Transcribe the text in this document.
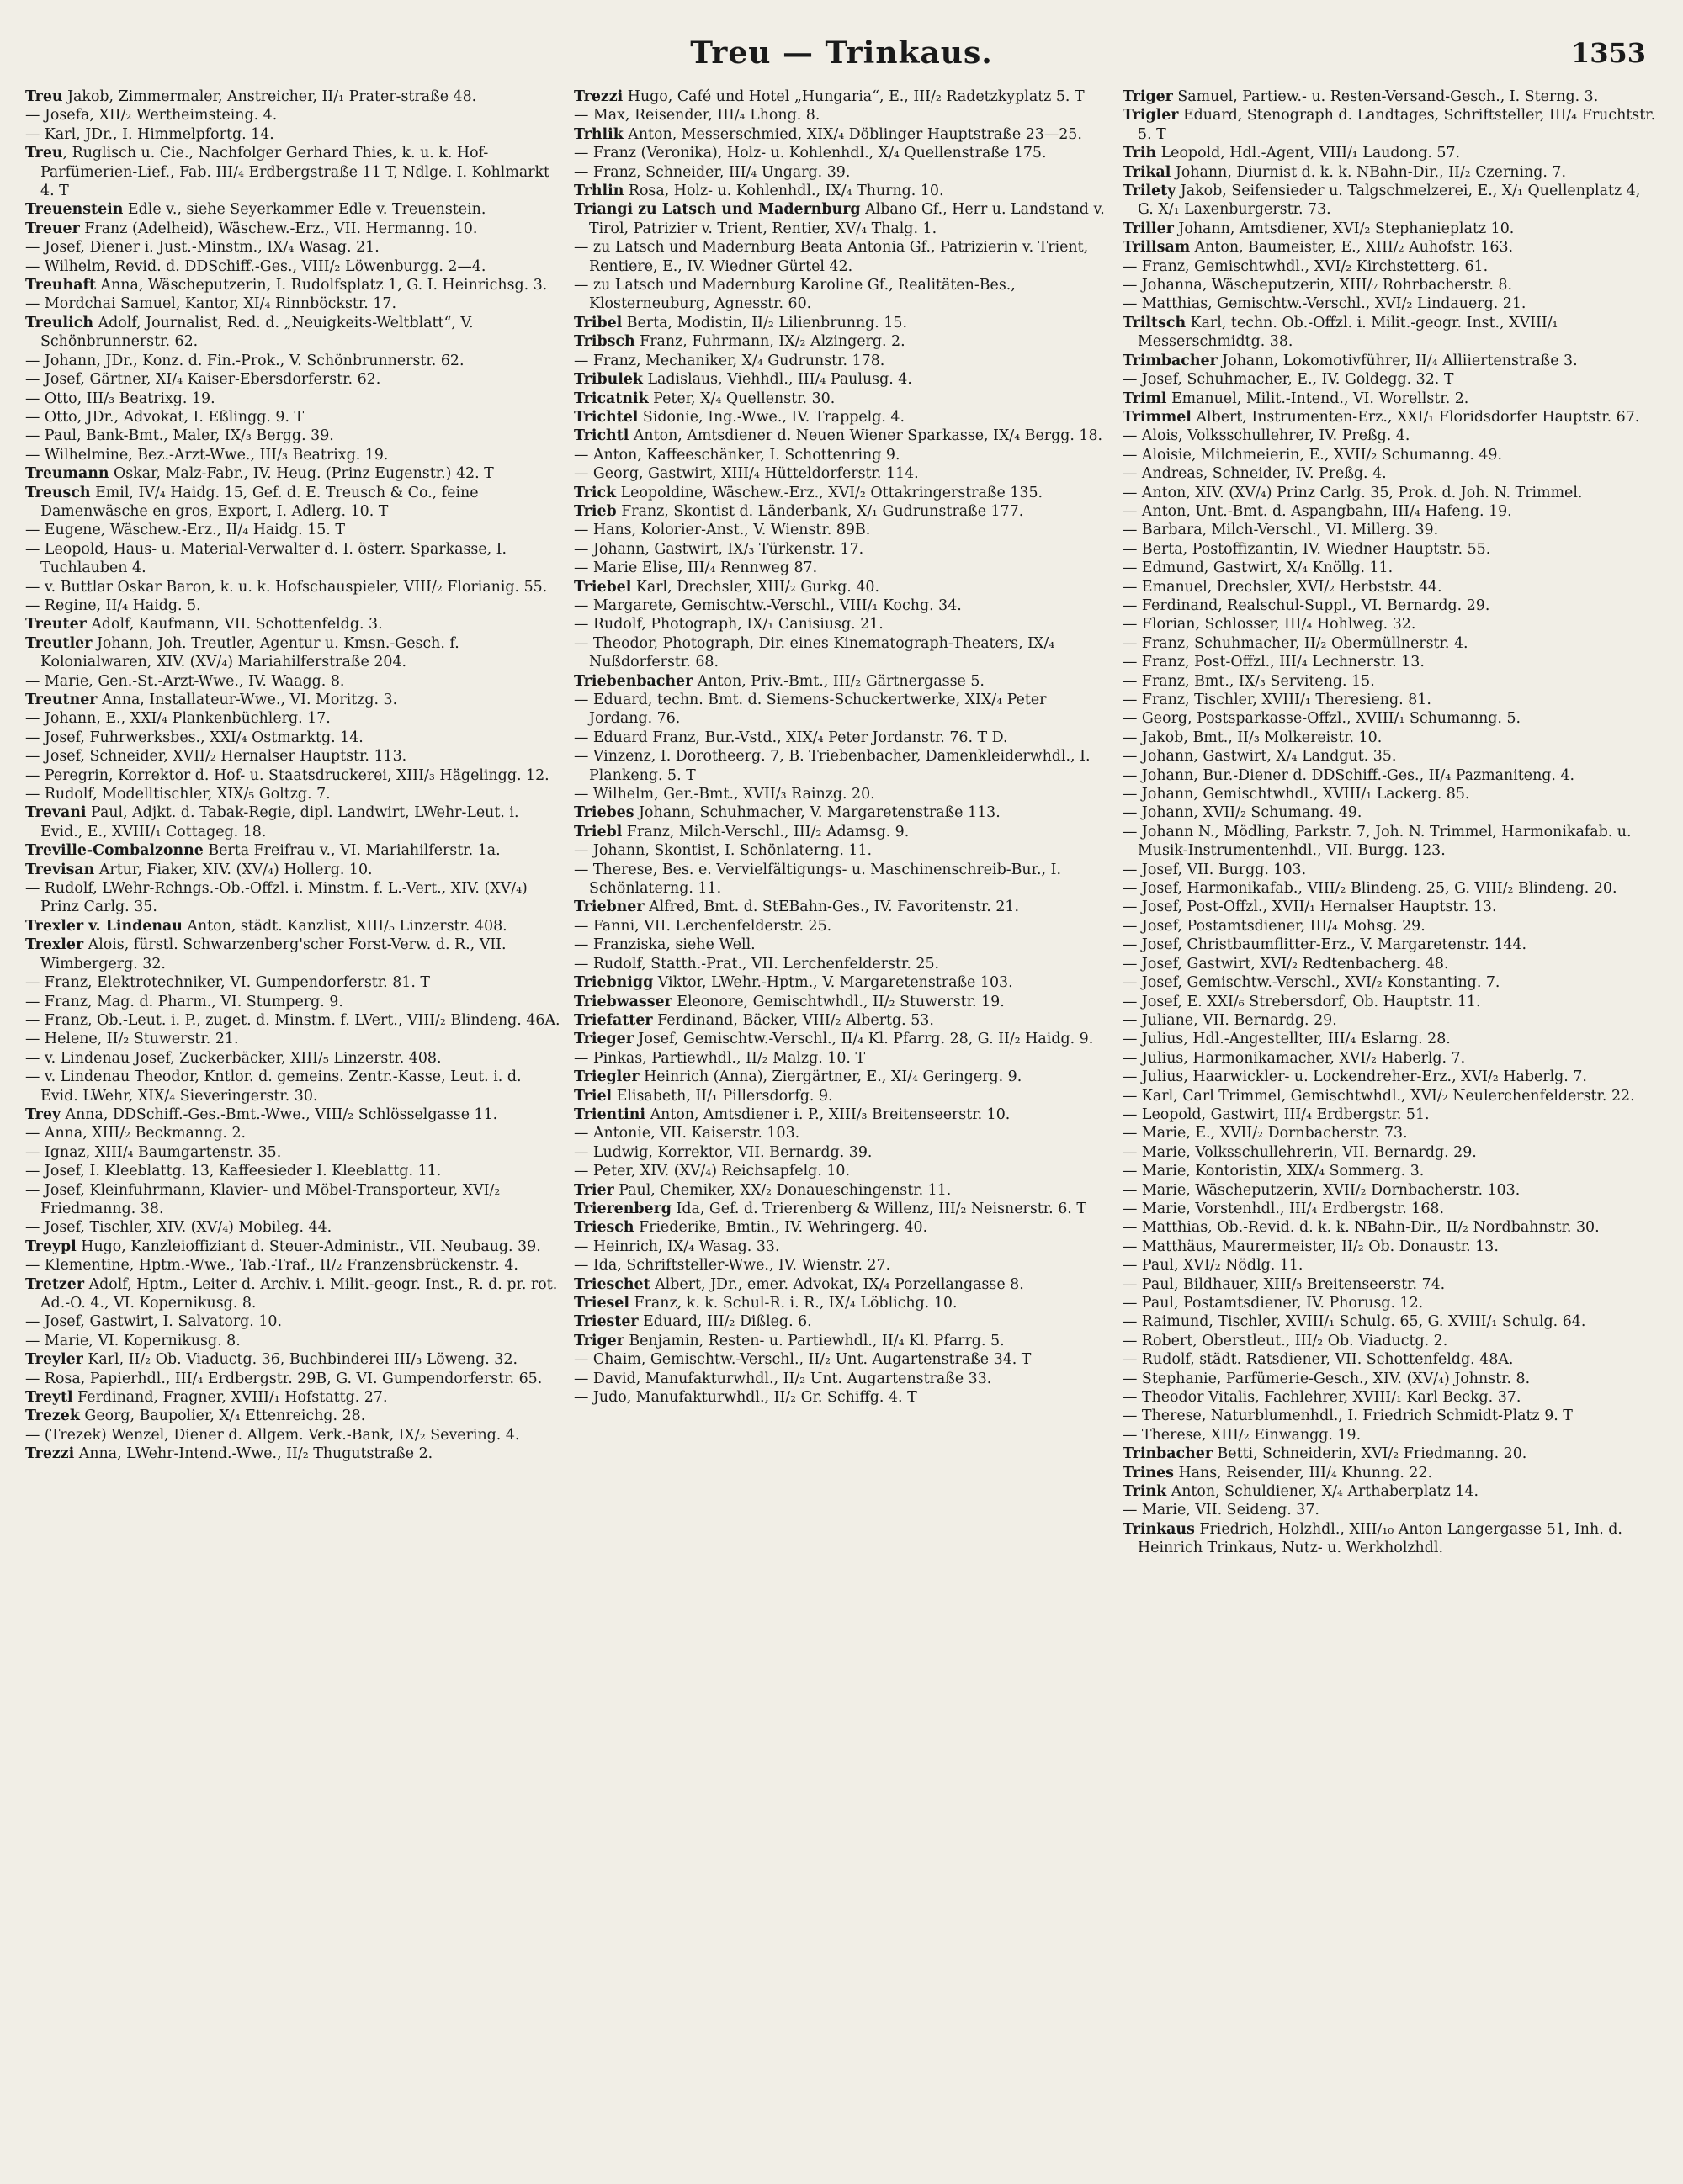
Treu — Trinkaus.	1353

Treu Jakob, Zimmermaler, Anstreicher, II/₁ Prater-straße 48.

— Josefa, XII/₂ Wertheimsteing. 4.

— Karl, JDr., I. Himmelpfortg. 14.

Treu, Ruglisch u. Cie., Nachfolger Gerhard Thies, k. u. k. Hof-Parfümerien-Lief., Fab. III/₄ Erdbergstraße 11 T, Ndlge. I. Kohlmarkt 4. T

Treuenstein Edle v., siehe Seyerkammer Edle v. Treuenstein.

Treuer Franz (Adelheid), Wäschew.-Erz., VII. Hermanng. 10.

— Josef, Diener i. Just.-Minstm., IX/₄ Wasag. 21.

— Wilhelm, Revid. d. DDSchiff.-Ges., VIII/₂ Löwenburgg. 2—4.

Treuhaft Anna, Wäscheputzerin, I. Rudolfsplatz 1, G. I. Heinrichsg. 3.

— Mordchai Samuel, Kantor, XI/₄ Rinnböckstr. 17.

Treulich Adolf, Journalist, Red. d. „Neuigkeits-Weltblatt“, V. Schönbrunnerstr. 62.

— Johann, JDr., Konz. d. Fin.-Prok., V. Schönbrunnerstr. 62.

— Josef, Gärtner, XI/₄ Kaiser-Ebersdorferstr. 62.

— Otto, III/₃ Beatrixg. 19.

— Otto, JDr., Advokat, I. Eßlingg. 9. T

— Paul, Bank-Bmt., Maler, IX/₃ Bergg. 39.

— Wilhelmine, Bez.-Arzt-Wwe., III/₃ Beatrixg. 19.

Treumann Oskar, Malz-Fabr., IV. Heug. (Prinz Eugenstr.) 42. T

Treusch Emil, IV/₄ Haidg. 15, Gef. d. E. Treusch & Co., feine Damenwäsche en gros, Export, I. Adlerg. 10. T

— Eugene, Wäschew.-Erz., II/₄ Haidg. 15. T

— Leopold, Haus- u. Material-Verwalter d. I. österr. Sparkasse, I. Tuchlauben 4.

— v. Buttlar Oskar Baron, k. u. k. Hofschauspieler, VIII/₂ Florianig. 55.

— Regine, II/₄ Haidg. 5.

Treuter Adolf, Kaufmann, VII. Schottenfeldg. 3.

Treutler Johann, Joh. Treutler, Agentur u. Kmsn.-Gesch. f. Kolonialwaren, XIV. (XV/₄) Mariahilferstraße 204.

— Marie, Gen.-St.-Arzt-Wwe., IV. Waagg. 8.

Treutner Anna, Installateur-Wwe., VI. Moritzg. 3.

— Johann, E., XXI/₄ Plankenbüchlerg. 17.

— Josef, Fuhrwerksbes., XXI/₄ Ostmarktg. 14.

— Josef, Schneider, XVII/₂ Hernalser Hauptstr. 113.

— Peregrin, Korrektor d. Hof- u. Staatsdruckerei, XIII/₃ Hägelingg. 12.

— Rudolf, Modelltischler, XIX/₅ Goltzg. 7.

Trevani Paul, Adjkt. d. Tabak-Regie, dipl. Landwirt, LWehr-Leut. i. Evid., E., XVIII/₁ Cottageg. 18.

Treville-Combalzonne Berta Freifrau v., VI. Mariahilferstr. 1a.

Trevisan Artur, Fiaker, XIV. (XV/₄) Hollerg. 10.

— Rudolf, LWehr-Rchngs.-Ob.-Offzl. i. Minstm. f. L.-Vert., XIV. (XV/₄) Prinz Carlg. 35.

Trexler v. Lindenau Anton, städt. Kanzlist, XIII/₅ Linzerstr. 408.

Trexler Alois, fürstl. Schwarzenberg'scher Forst-Verw. d. R., VII. Wimbergerg. 32.

— Franz, Elektrotechniker, VI. Gumpendorferstr. 81. T

— Franz, Mag. d. Pharm., VI. Stumperg. 9.

— Franz, Ob.-Leut. i. P., zuget. d. Minstm. f. LVert., VIII/₂ Blindeng. 46A.

— Helene, II/₂ Stuwerstr. 21.

— v. Lindenau Josef, Zuckerbäcker, XIII/₅ Linzerstr. 408.

— v. Lindenau Theodor, Kntlor. d. gemeins. Zentr.-Kasse, Leut. i. d. Evid. LWehr, XIX/₄ Sieveringerstr. 30.

Trey Anna, DDSchiff.-Ges.-Bmt.-Wwe., VIII/₂ Schlösselgasse 11.

— Anna, XIII/₂ Beckmanng. 2.

— Ignaz, XIII/₄ Baumgartenstr. 35.

— Josef, I. Kleeblattg. 13, Kaffeesieder I. Kleeblattg. 11.

— Josef, Kleinfuhrmann, Klavier- und Möbel-Transporteur, XVI/₂ Friedmanng. 38.

— Josef, Tischler, XIV. (XV/₄) Mobileg. 44.

Treypl Hugo, Kanzleioffiziant d. Steuer-Administr., VII. Neubaug. 39.

— Klementine, Hptm.-Wwe., Tab.-Traf., II/₂ Franzensbrückenstr. 4.

Tretzer Adolf, Hptm., Leiter d. Archiv. i. Milit.-geogr. Inst., R. d. pr. rot. Ad.-O. 4., VI. Kopernikusg. 8.

— Josef, Gastwirt, I. Salvatorg. 10.

— Marie, VI. Kopernikusg. 8.

Treyler Karl, II/₂ Ob. Viaductg. 36, Buchbinderei III/₃ Löweng. 32.

— Rosa, Papierhdl., III/₄ Erdbergstr. 29B, G. VI. Gumpendorferstr. 65.

Treytl Ferdinand, Fragner, XVIII/₁ Hofstattg. 27.

Trezek Georg, Baupolier, X/₄ Ettenreichg. 28.

— (Trezek) Wenzel, Diener d. Allgem. Verk.-Bank, IX/₂ Severing. 4.

Trezzi Anna, LWehr-Intend.-Wwe., II/₂ Thugutstraße 2.

Trezzi Hugo, Café und Hotel „Hungaria“, E., III/₂ Radetzkyplatz 5. T

— Max, Reisender, III/₄ Lhong. 8.

Trhlik Anton, Messerschmied, XIX/₄ Döblinger Hauptstraße 23—25.

— Franz (Veronika), Holz- u. Kohlenhdl., X/₄ Quellenstraße 175.

— Franz, Schneider, III/₄ Ungarg. 39.

Trhlin Rosa, Holz- u. Kohlenhdl., IX/₄ Thurng. 10.

Triangi zu Latsch und Madernburg Albano Gf., Herr u. Landstand v. Tirol, Patrizier v. Trient, Rentier, XV/₄ Thalg. 1.

— zu Latsch und Madernburg Beata Antonia Gf., Patrizierin v. Trient, Rentiere, E., IV. Wiedner Gürtel 42.

— zu Latsch und Madernburg Karoline Gf., Realitäten-Bes., Klosterneuburg, Agnesstr. 60.

Tribel Berta, Modistin, II/₂ Lilienbrunng. 15.

Tribsch Franz, Fuhrmann, IX/₂ Alzingerg. 2.

— Franz, Mechaniker, X/₄ Gudrunstr. 178.

Tribulek Ladislaus, Viehhdl., III/₄ Paulusg. 4.

Tricatnik Peter, X/₄ Quellenstr. 30.

Trichtel Sidonie, Ing.-Wwe., IV. Trappelg. 4.

Trichtl Anton, Amtsdiener d. Neuen Wiener Sparkasse, IX/₄ Bergg. 18.

— Anton, Kaffeeschänker, I. Schottenring 9.

— Georg, Gastwirt, XIII/₄ Hütteldorferstr. 114.

Trick Leopoldine, Wäschew.-Erz., XVI/₂ Ottakringerstraße 135.

Trieb Franz, Skontist d. Länderbank, X/₁ Gudrunstraße 177.

— Hans, Kolorier-Anst., V. Wienstr. 89B.

— Johann, Gastwirt, IX/₃ Türkenstr. 17.

— Marie Elise, III/₄ Rennweg 87.

Triebel Karl, Drechsler, XIII/₂ Gurkg. 40.

— Margarete, Gemischtw.-Verschl., VIII/₁ Kochg. 34.

— Rudolf, Photograph, IX/₁ Canisiusg. 21.

— Theodor, Photograph, Dir. eines Kinematograph-Theaters, IX/₄ Nußdorferstr. 68.

Triebenbacher Anton, Priv.-Bmt., III/₂ Gärtnergasse 5.

— Eduard, techn. Bmt. d. Siemens-Schuckertwerke, XIX/₄ Peter Jordang. 76.

— Eduard Franz, Bur.-Vstd., XIX/₄ Peter Jordanstr. 76. T D.

— Vinzenz, I. Dorotheerg. 7, B. Triebenbacher, Damenkleiderwhdl., I. Plankeng. 5. T

— Wilhelm, Ger.-Bmt., XVII/₃ Rainzg. 20.

Triebes Johann, Schuhmacher, V. Margaretenstraße 113.

Triebl Franz, Milch-Verschl., III/₂ Adamsg. 9.

— Johann, Skontist, I. Schönlaterng. 11.

— Therese, Bes. e. Vervielfältigungs- u. Maschinenschreib-Bur., I. Schönlaterng. 11.

Triebner Alfred, Bmt. d. StEBahn-Ges., IV. Favoritenstr. 21.

— Fanni, VII. Lerchenfelderstr. 25.

— Franziska, siehe Well.

— Rudolf, Statth.-Prat., VII. Lerchenfelderstr. 25.

Triebnigg Viktor, LWehr.-Hptm., V. Margaretenstraße 103.

Triebwasser Eleonore, Gemischtwhdl., II/₂ Stuwerstr. 19.

Triefatter Ferdinand, Bäcker, VIII/₂ Albertg. 53.

Trieger Josef, Gemischtw.-Verschl., II/₄ Kl. Pfarrg. 28, G. II/₂ Haidg. 9.

— Pinkas, Partiewhdl., II/₂ Malzg. 10. T

Triegler Heinrich (Anna), Ziergärtner, E., XI/₄ Geringerg. 9.

Triel Elisabeth, II/₁ Pillersdorfg. 9.

Trientini Anton, Amtsdiener i. P., XIII/₃ Breitenseerstr. 10.

— Antonie, VII. Kaiserstr. 103.

— Ludwig, Korrektor, VII. Bernardg. 39.

— Peter, XIV. (XV/₄) Reichsapfelg. 10.

Trier Paul, Chemiker, XX/₂ Donaueschingenstr. 11.

Trierenberg Ida, Gef. d. Trierenberg & Willenz, III/₂ Neisnerstr. 6. T

Triesch Friederike, Bmtin., IV. Wehringerg. 40.

— Heinrich, IX/₄ Wasag. 33.

— Ida, Schriftsteller-Wwe., IV. Wienstr. 27.

Trieschet Albert, JDr., emer. Advokat, IX/₄ Porzellangasse 8.

Triesel Franz, k. k. Schul-R. i. R., IX/₄ Löblichg. 10.

Triester Eduard, III/₂ Dißleg. 6.

Triger Benjamin, Resten- u. Partiewhdl., II/₄ Kl. Pfarrg. 5.

— Chaim, Gemischtw.-Verschl., II/₂ Unt. Augartenstraße 34. T

— David, Manufakturwhdl., II/₂ Unt. Augartenstraße 33.

— Judo, Manufakturwhdl., II/₂ Gr. Schiffg. 4. T

Triger Samuel, Partiew.- u. Resten-Versand-Gesch., I. Sterng. 3.

Trigler Eduard, Stenograph d. Landtages, Schriftsteller, III/₄ Fruchtstr. 5. T

Trih Leopold, Hdl.-Agent, VIII/₁ Laudong. 57.

Trikal Johann, Diurnist d. k. k. NBahn-Dir., II/₂ Czerning. 7.

Trilety Jakob, Seifensieder u. Talgschmelzerei, E., X/₁ Quellenplatz 4, G. X/₁ Laxenburgerstr. 73.

Triller Johann, Amtsdiener, XVI/₂ Stephanieplatz 10.

Trillsam Anton, Baumeister, E., XIII/₂ Auhofstr. 163.

— Franz, Gemischtwhdl., XVI/₂ Kirchstetterg. 61.

— Johanna, Wäscheputzerin, XIII/₇ Rohrbacherstr. 8.

— Matthias, Gemischtw.-Verschl., XVI/₂ Lindauerg. 21.

Triltsch Karl, techn. Ob.-Offzl. i. Milit.-geogr. Inst., XVIII/₁ Messerschmidtg. 38.

Trimbacher Johann, Lokomotivführer, II/₄ Alliiertenstraße 3.

— Josef, Schuhmacher, E., IV. Goldegg. 32. T

Triml Emanuel, Milit.-Intend., VI. Worellstr. 2.

Trimmel Albert, Instrumenten-Erz., XXI/₁ Floridsdorfer Hauptstr. 67.

— Alois, Volksschullehrer, IV. Preßg. 4.

— Aloisie, Milchmeierin, E., XVII/₂ Schumanng. 49.

— Andreas, Schneider, IV. Preßg. 4.

— Anton, XIV. (XV/₄) Prinz Carlg. 35, Prok. d. Joh. N. Trimmel.

— Anton, Unt.-Bmt. d. Aspangbahn, III/₄ Hafeng. 19.

— Barbara, Milch-Verschl., VI. Millerg. 39.

— Berta, Postoffizantin, IV. Wiedner Hauptstr. 55.

— Edmund, Gastwirt, X/₄ Knöllg. 11.

— Emanuel, Drechsler, XVI/₂ Herbststr. 44.

— Ferdinand, Realschul-Suppl., VI. Bernardg. 29.

— Florian, Schlosser, III/₄ Hohlweg. 32.

— Franz, Schuhmacher, II/₂ Obermüllnerstr. 4.

— Franz, Post-Offzl., III/₄ Lechnerstr. 13.

— Franz, Bmt., IX/₃ Serviteng. 15.

— Franz, Tischler, XVIII/₁ Theresieng. 81.

— Georg, Postsparkasse-Offzl., XVIII/₁ Schumanng. 5.

— Jakob, Bmt., II/₃ Molkereistr. 10.

— Johann, Gastwirt, X/₄ Landgut. 35.

— Johann, Bur.-Diener d. DDSchiff.-Ges., II/₄ Pazmaniteng. 4.

— Johann, Gemischtwhdl., XVIII/₁ Lackerg. 85.

— Johann, XVII/₂ Schumang. 49.

— Johann N., Mödling, Parkstr. 7, Joh. N. Trimmel, Harmonikafab. u. Musik-Instrumentenhdl., VII. Burgg. 123.

— Josef, VII. Burgg. 103.

— Josef, Harmonikafab., VIII/₂ Blindeng. 25, G. VIII/₂ Blindeng. 20.

— Josef, Post-Offzl., XVII/₁ Hernalser Hauptstr. 13.

— Josef, Postamtsdiener, III/₄ Mohsg. 29.

— Josef, Christbaumflitter-Erz., V. Margaretenstr. 144.

— Josef, Gastwirt, XVI/₂ Redtenbacherg. 48.

— Josef, Gemischtw.-Verschl., XVI/₂ Konstanting. 7.

— Josef, E. XXI/₆ Strebersdorf, Ob. Hauptstr. 11.

— Juliane, VII. Bernardg. 29.

— Julius, Hdl.-Angestellter, III/₄ Eslarng. 28.

— Julius, Harmonikamacher, XVI/₂ Haberlg. 7.

— Julius, Haarwickler- u. Lockendreher-Erz., XVI/₂ Haberlg. 7.

— Karl, Carl Trimmel, Gemischtwhdl., XVI/₂ Neulerchenfelderstr. 22.

— Leopold, Gastwirt, III/₄ Erdbergstr. 51.

— Marie, E., XVII/₂ Dornbacherstr. 73.

— Marie, Volksschullehrerin, VII. Bernardg. 29.

— Marie, Kontoristin, XIX/₄ Sommerg. 3.

— Marie, Wäscheputzerin, XVII/₂ Dornbacherstr. 103.

— Marie, Vorstenhdl., III/₄ Erdbergstr. 168.

— Matthias, Ob.-Revid. d. k. k. NBahn-Dir., II/₂ Nordbahnstr. 30.

— Matthäus, Maurermeister, II/₂ Ob. Donaustr. 13.

— Paul, XVI/₂ Nödlg. 11.

— Paul, Bildhauer, XIII/₃ Breitenseerstr. 74.

— Paul, Postamtsdiener, IV. Phorusg. 12.

— Raimund, Tischler, XVIII/₁ Schulg. 65, G. XVIII/₁ Schulg. 64.

— Robert, Oberstleut., III/₂ Ob. Viaductg. 2.

— Rudolf, städt. Ratsdiener, VII. Schottenfeldg. 48A.

— Stephanie, Parfümerie-Gesch., XIV. (XV/₄) Johnstr. 8.

— Theodor Vitalis, Fachlehrer, XVIII/₁ Karl Beckg. 37.

— Therese, Naturblumenhdl., I. Friedrich Schmidt-Platz 9. T

— Therese, XIII/₂ Einwangg. 19.

Trinbacher Betti, Schneiderin, XVI/₂ Friedmanng. 20.

Trines Hans, Reisender, III/₄ Khunng. 22.

Trink Anton, Schuldiener, X/₄ Arthaberplatz 14.

— Marie, VII. Seideng. 37.

Trinkaus Friedrich, Holzhdl., XIII/₁₀ Anton Langergasse 51, Inh. d. Heinrich Trinkaus, Nutz- u. Werkholzhdl.
